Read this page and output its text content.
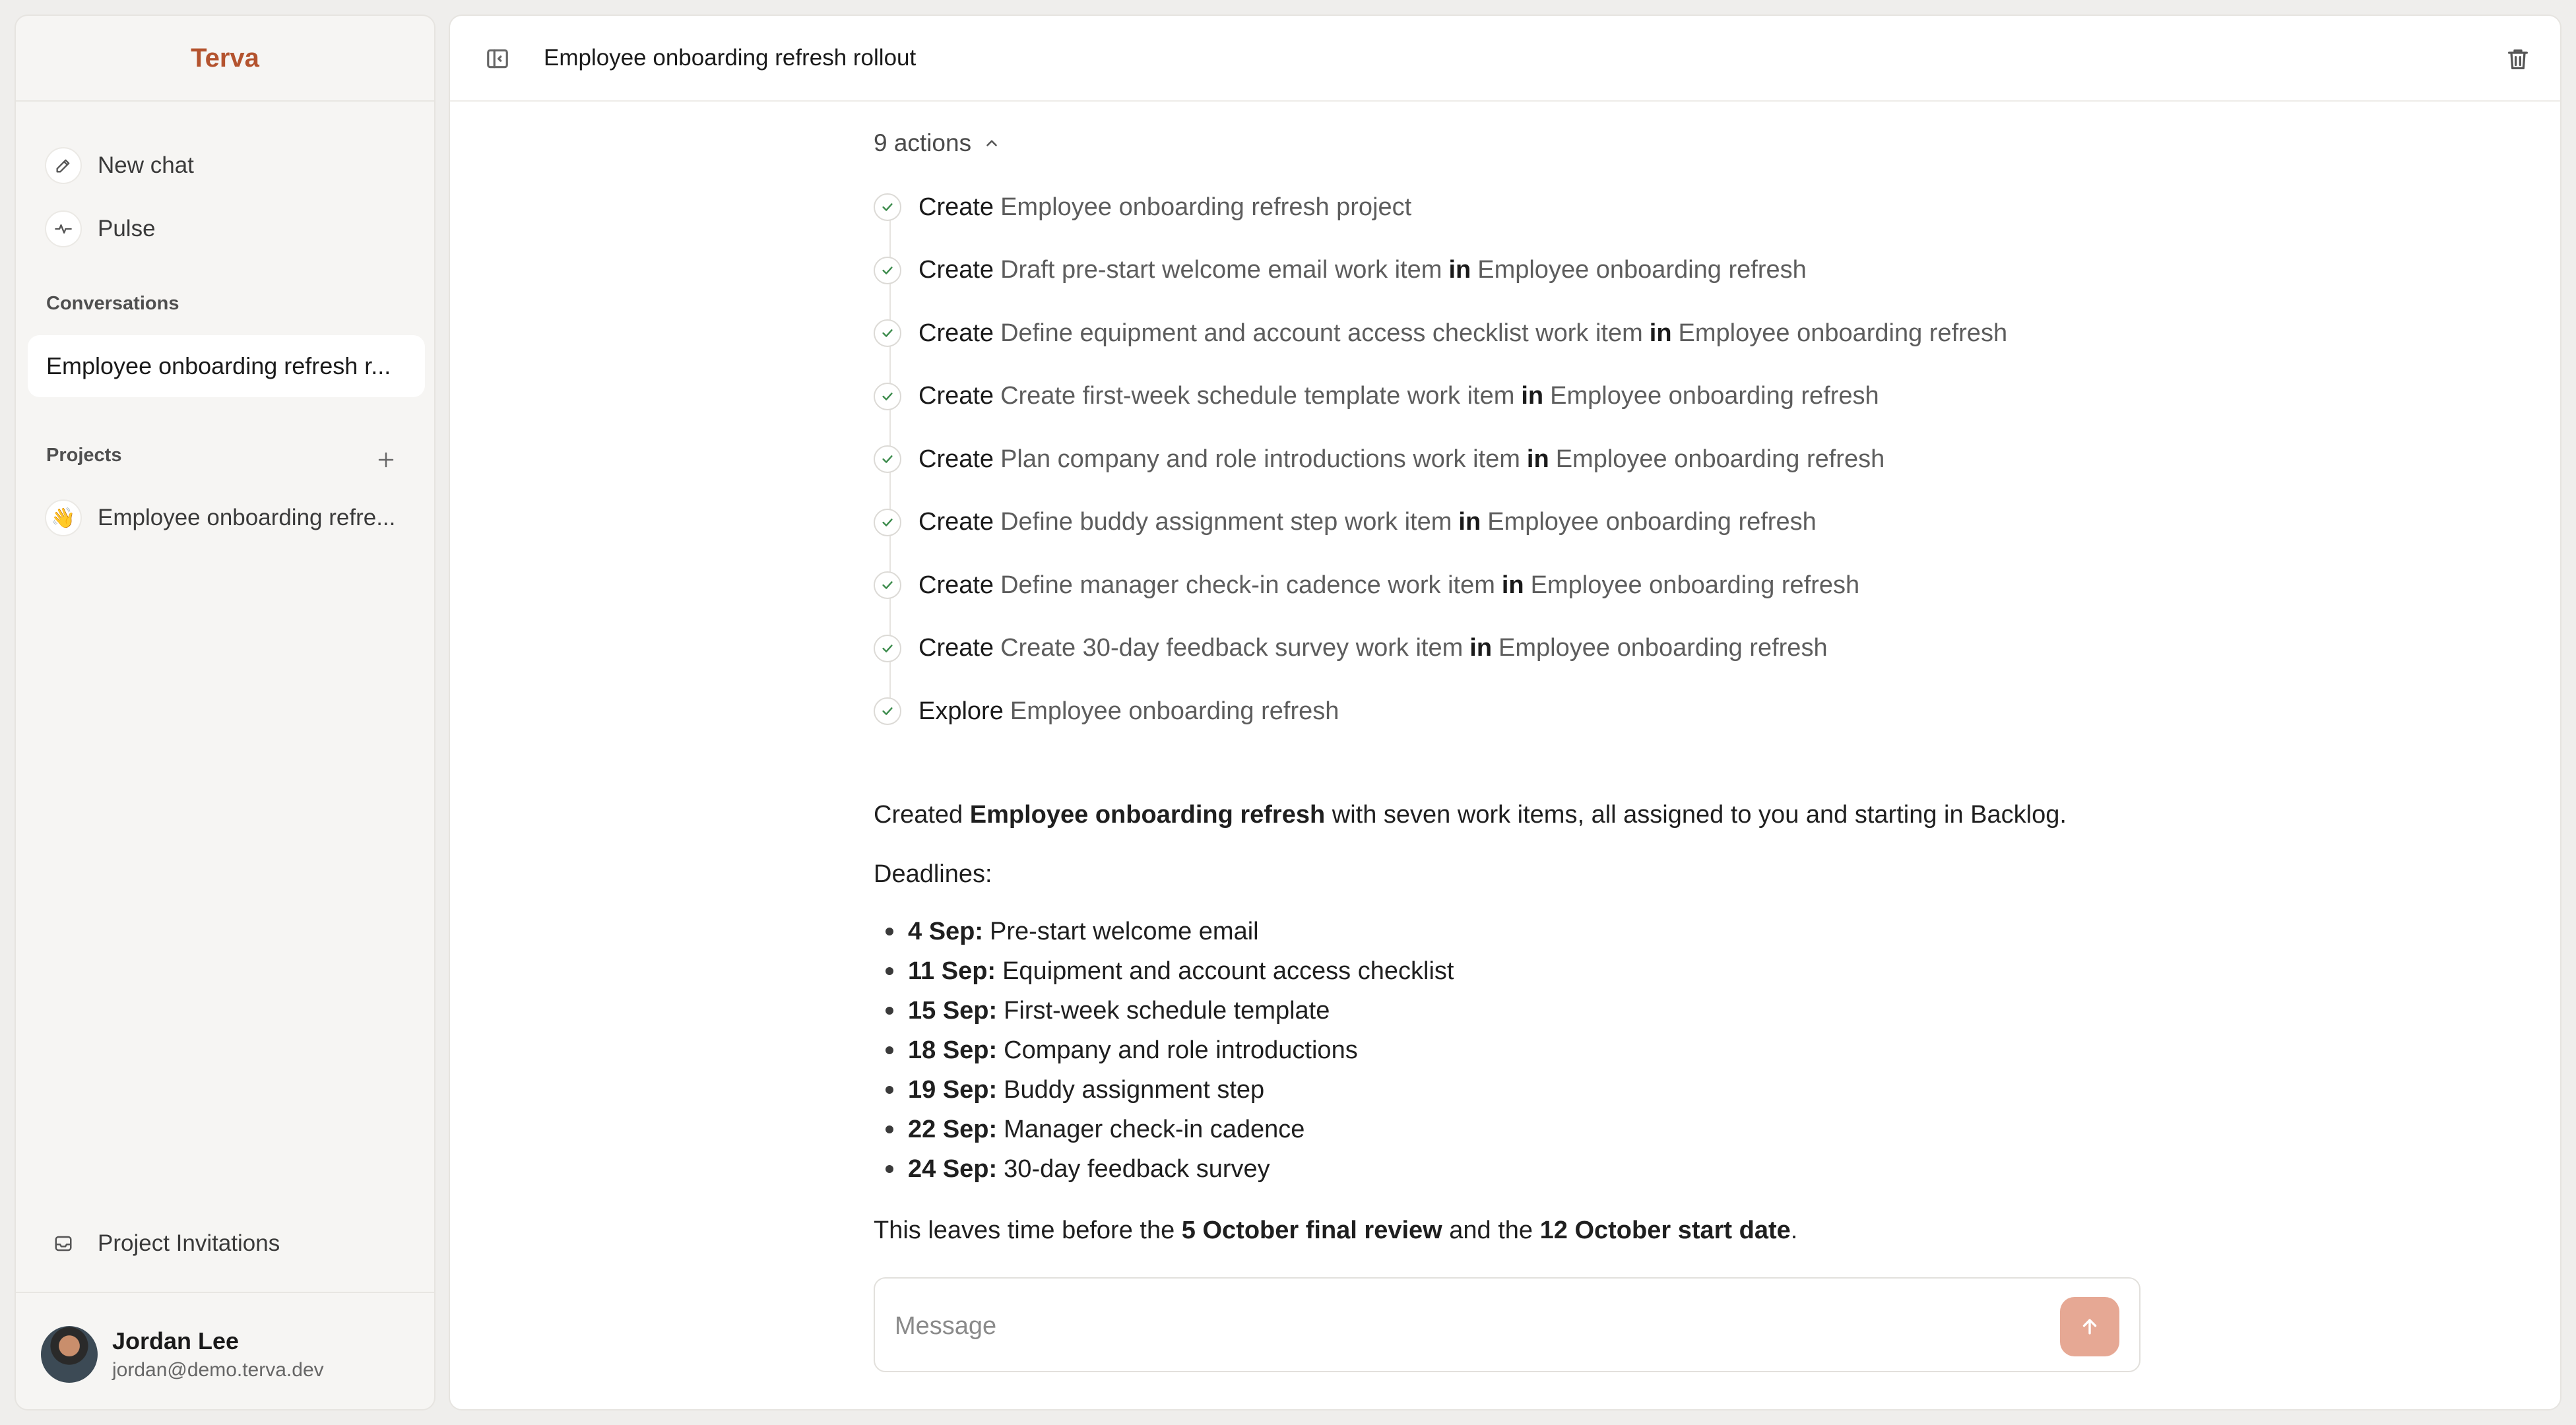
Terva
New chat
Pulse
Conversations
Employee onboarding refresh r...
Projects
👋 Employee onboarding refre...
Project Invitations
Jordan Lee
jordan@demo.terva.dev
Employee onboarding refresh rollout
9 actions
Create Employee onboarding refresh project
Create Draft pre-start welcome email work item in Employee onboarding refresh
Create Define equipment and account access checklist work item in Employee onboarding refresh
Create Create first-week schedule template work item in Employee onboarding refresh
Create Plan company and role introductions work item in Employee onboarding refresh
Create Define buddy assignment step work item in Employee onboarding refresh
Create Define manager check-in cadence work item in Employee onboarding refresh
Create Create 30-day feedback survey work item in Employee onboarding refresh
Explore Employee onboarding refresh

Created Employee onboarding refresh with seven work items, all assigned to you and starting in Backlog.

Deadlines:

4 Sep: Pre-start welcome email
11 Sep: Equipment and account access checklist
15 Sep: First-week schedule template
18 Sep: Company and role introductions
19 Sep: Buddy assignment step
22 Sep: Manager check-in cadence
24 Sep: 30-day feedback survey

This leaves time before the 5 October final review and the 12 October start date.

Message
